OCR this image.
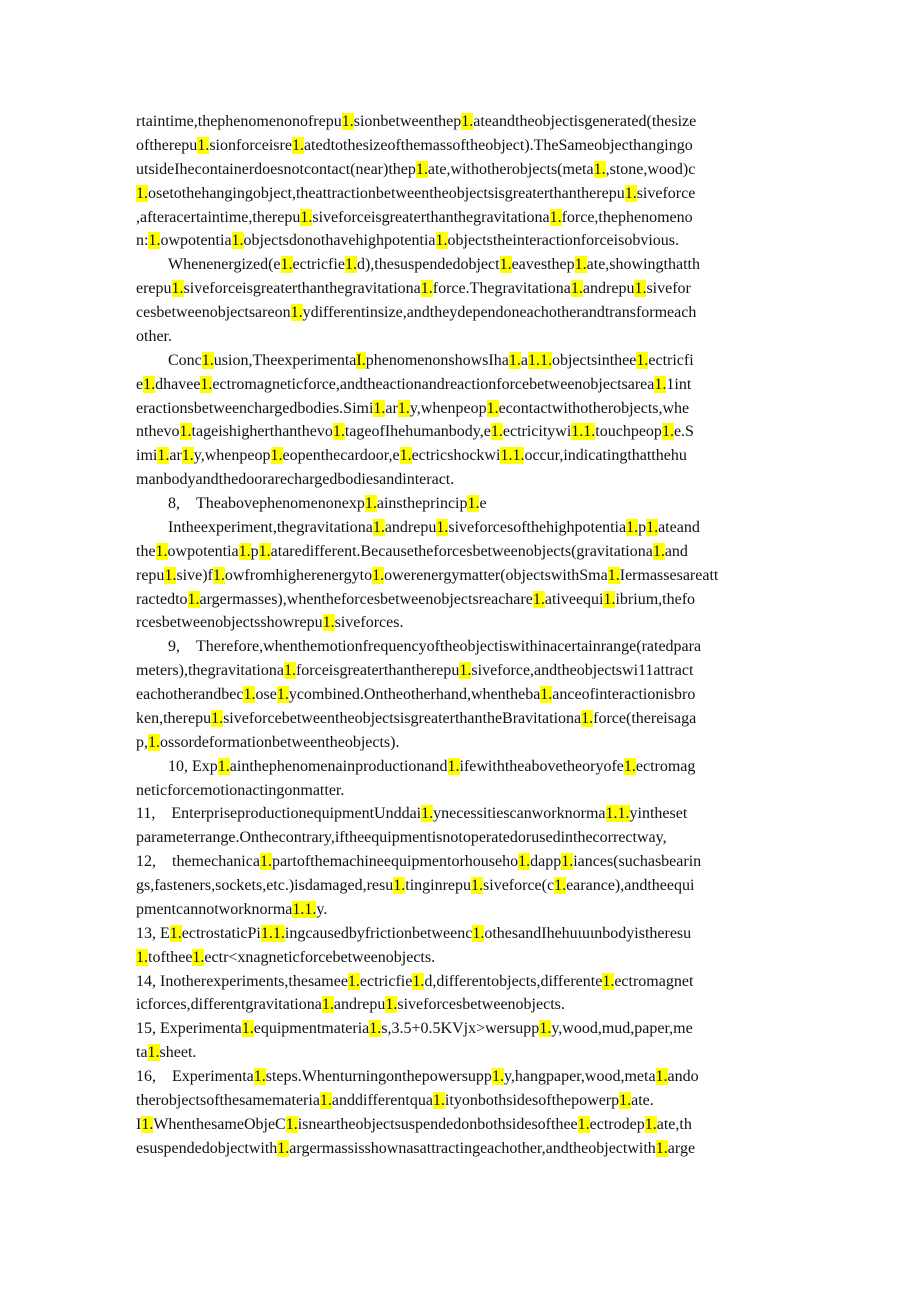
rtaintime,thephenomenonofrepu1.sionbetweenthep1.ateandtheobjectisgenerated(thesize
oftherepu1.sionforceisre1.atedtothesizeofthemassoftheobject).TheSameobjecthangingo
utsideIhecontainerdoesnotcontact(near)thep1.ate,withotherobjects(meta1.,stone,wood)c
1.osetothehangingobject,theattractionbetweentheobjectsisgreaterthantherepu1.siveforce
,afteracertaintime,therepu1.siveforceisgreaterthanthegravitationa1.force,thephenomeno
n:1.owpotentia1.objectsdonothavehighpotentia1.objectstheinteractionforceisobvious.
Whenenergized(e1.ectricfie1.d),thesuspendedobject1.eavesthep1.ate,showingthatth
erepu1.siveforceisgreaterthanthegravitationa1.force.Thegravitationa1.andrepu1.sivefor
cesbetweenobjectsareon1.ydifferentinsize,andtheydependoneachotherandtransformeach
other.
Conc1.usion,TheexperimentaI.phenomenonshowsIha1.a1.1.objectsinthee1.ectricfi
e1.dhavee1.ectromagneticforce,andtheactionandreactionforcebetweenobjectsarea1.1int
eractionsbetweenchargedbodies.Simi1.ar1.y,whenpeop1.econtactwithotherobjects,whe
nthevo1.tageishigherthanthevo1.tageofIhehumanbody,e1.ectricitywi1.1.touchpeop1.e.S
imi1.ar1.y,whenpeop1.eopenthecardoor,e1.ectricshockwi1.1.occur,indicatingthatthehu
manbodyandthedoorarechargedbodiesandinteract.
8,　Theabovephenomenonexp1.ainstheprincip1.e
Intheexperiment,thegravitationa1.andrepu1.siveforcesofthehighpotentia1.p1.ateand
the1.owpotentia1.p1.ataredifferent.Becausetheforcesbetweenobjects(gravitationa1.and
repu1.sive)f1.owfromhigherenergyto1.owerenergymatter(objectswithSma1.Iermassesareatt
ractedto1.argermasses),whentheforcesbetweenobjectsreachare1.ativeequi1.ibrium,thefo
rcesbetweenobjectsshowrepu1.siveforces.
9,　Therefore,whenthemotionfrequencyoftheobjectiswithinacertainrange(ratedpara
meters),thegravitationa1.forceisgreaterthantherepu1.siveforce,andtheobjectswi11attract
eachotherandbec1.ose1.ycombined.Ontheotherhand,whentheba1.anceofinteractionisbro
ken,therepu1.siveforcebetweentheobjectsisgreaterthantheBravitationa1.force(thereisaga
p,1.ossordeformationbetweentheobjects).
10, Exp1.ainthephenomenainproductionand1.ifewiththeabovetheoryofe1.ectromag
neticforcemotionactingonmatter.
11,　EnterpriseproductionequipmentUnddai1.ynecessitiescanworknorma1.1.yintheset
parameterrange.Onthecontrary,iftheequipmentisnotoperatedorusedinthecorrectway,
12,　themechanica1.partofthemachineequipmentorhouseho1.dapp1.iances(suchasbearin
gs,fasteners,sockets,etc.)isdamaged,resu1.tinginrepu1.siveforce(c1.earance),andtheequi
pmentcannotworknorma1.1.y.
13, E1.ectrostaticPi1.1.ingcausedbyfrictionbetweenc1.othesandIhehuιuιnbodyistheresu
1.tofthee1.ectr<xnagneticforcebetweenobjects.
14, Inotherexperiments,thesamee1.ectricfie1.d,differentobjects,differente1.ectromagnet
icforces,differentgravitationa1.andrepu1.siveforcesbetweenobjects.
15, Experimenta1.equipmentmateria1.s,3.5+0.5KVjx>wersupp1.y,wood,mud,paper,me
ta1.sheet.
16,　Experimenta1.steps.Whenturningonthepowersupp1.y,hangpaper,wood,meta1.ando
therobjectsofthesamemateria1.anddifferentqua1.ityonbothsidesofthepowerp1.ate.
I1.WhenthesameObjeC1.isneartheobjectsuspendedonbothsidesofthee1.ectrodep1.ate,th
esuspendedobjectwith1.argermassisshownasattractingeachother,andtheobjectwith1.arge
